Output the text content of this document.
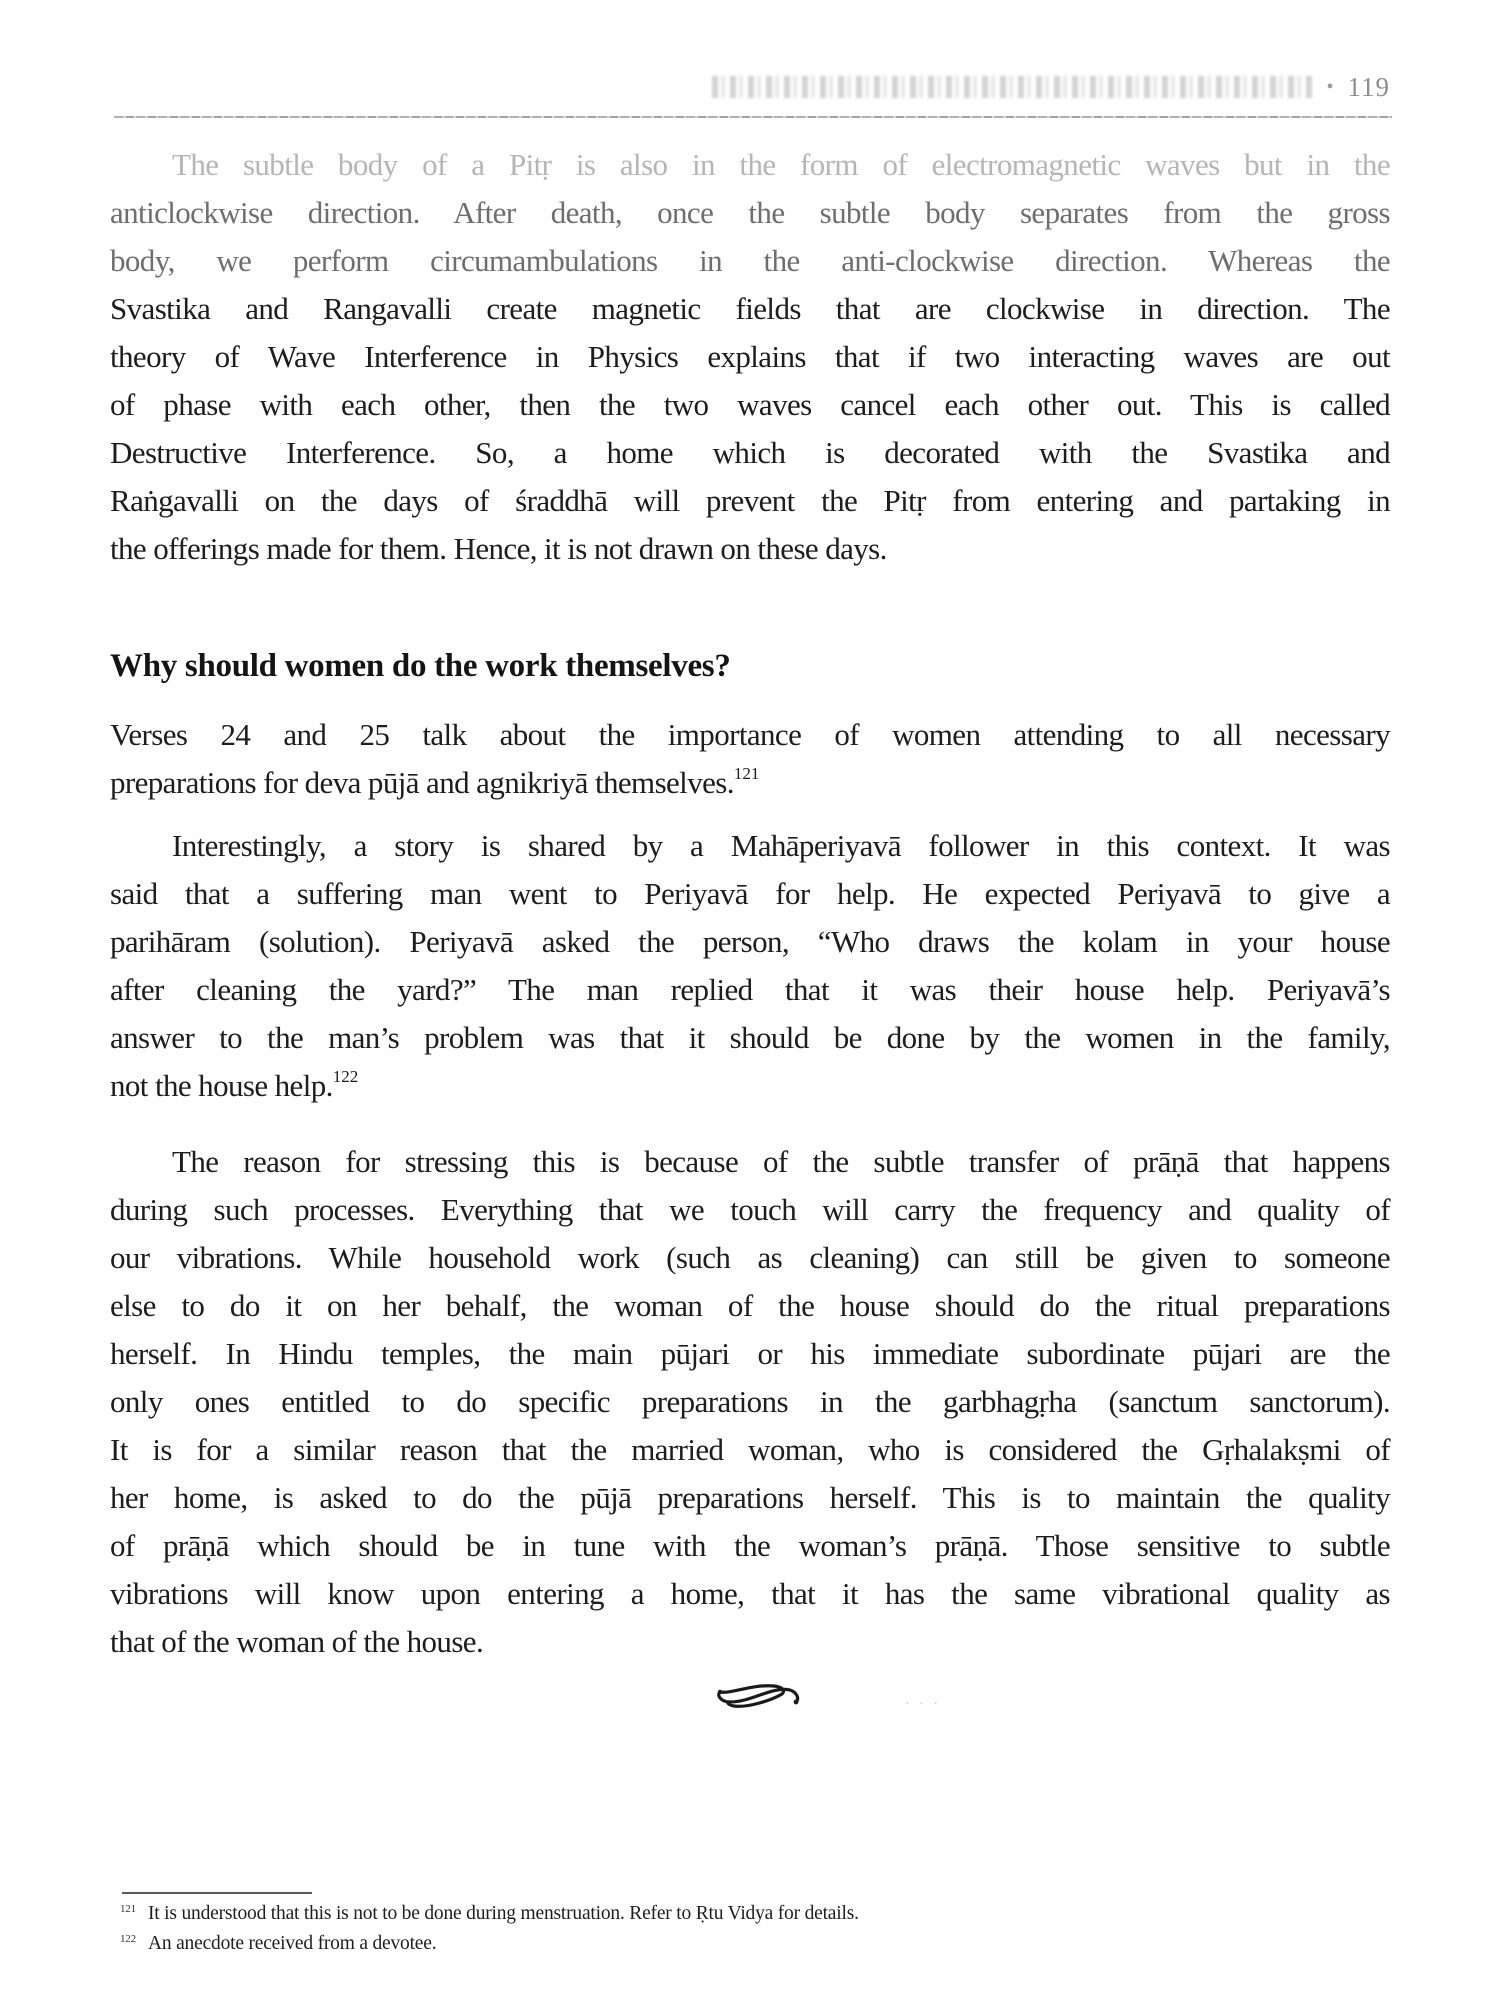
• 119
The subtle body of a Pitṛ is also in the form of electromagnetic waves but in the
anticlockwise direction. After death, once the subtle body separates from the gross
body, we perform circumambulations in the anti-clockwise direction. Whereas the
Svastika and Rangavalli create magnetic fields that are clockwise in direction. The
theory of Wave Interference in Physics explains that if two interacting waves are out
of phase with each other, then the two waves cancel each other out. This is called
Destructive Interference. So, a home which is decorated with the Svastika and
Raṅgavalli on the days of śraddhā will prevent the Pitṛ from entering and partaking in
the offerings made for them. Hence, it is not drawn on these days.
Why should women do the work themselves?
Verses 24 and 25 talk about the importance of women attending to all necessary
preparations for deva pūjā and agnikriyā themselves.$^{121}$
Interestingly, a story is shared by a Mahāperiyavā follower in this context. It was
said that a suffering man went to Periyavā for help. He expected Periyavā to give a
parihāram (solution). Periyavā asked the person, “Who draws the kolam in your house
after cleaning the yard?” The man replied that it was their house help. Periyavā’s
answer to the man’s problem was that it should be done by the women in the family,
not the house help.$^{122}$
The reason for stressing this is because of the subtle transfer of prāṇā that happens
during such processes. Everything that we touch will carry the frequency and quality of
our vibrations. While household work (such as cleaning) can still be given to someone
else to do it on her behalf, the woman of the house should do the ritual preparations
herself. In Hindu temples, the main pūjari or his immediate subordinate pūjari are the
only ones entitled to do specific preparations in the garbhagṛha (sanctum sanctorum).
It is for a similar reason that the married woman, who is considered the Gṛhalakṣmi of
her home, is asked to do the pūjā preparations herself. This is to maintain the quality
of prāṇā which should be in tune with the woman’s prāṇā. Those sensitive to subtle
vibrations will know upon entering a home, that it has the same vibrational quality as
that of the woman of the house.
· · ·
121 It is understood that this is not to be done during menstruation. Refer to Ṛtu Vidya for details.
122 An anecdote received from a devotee.
